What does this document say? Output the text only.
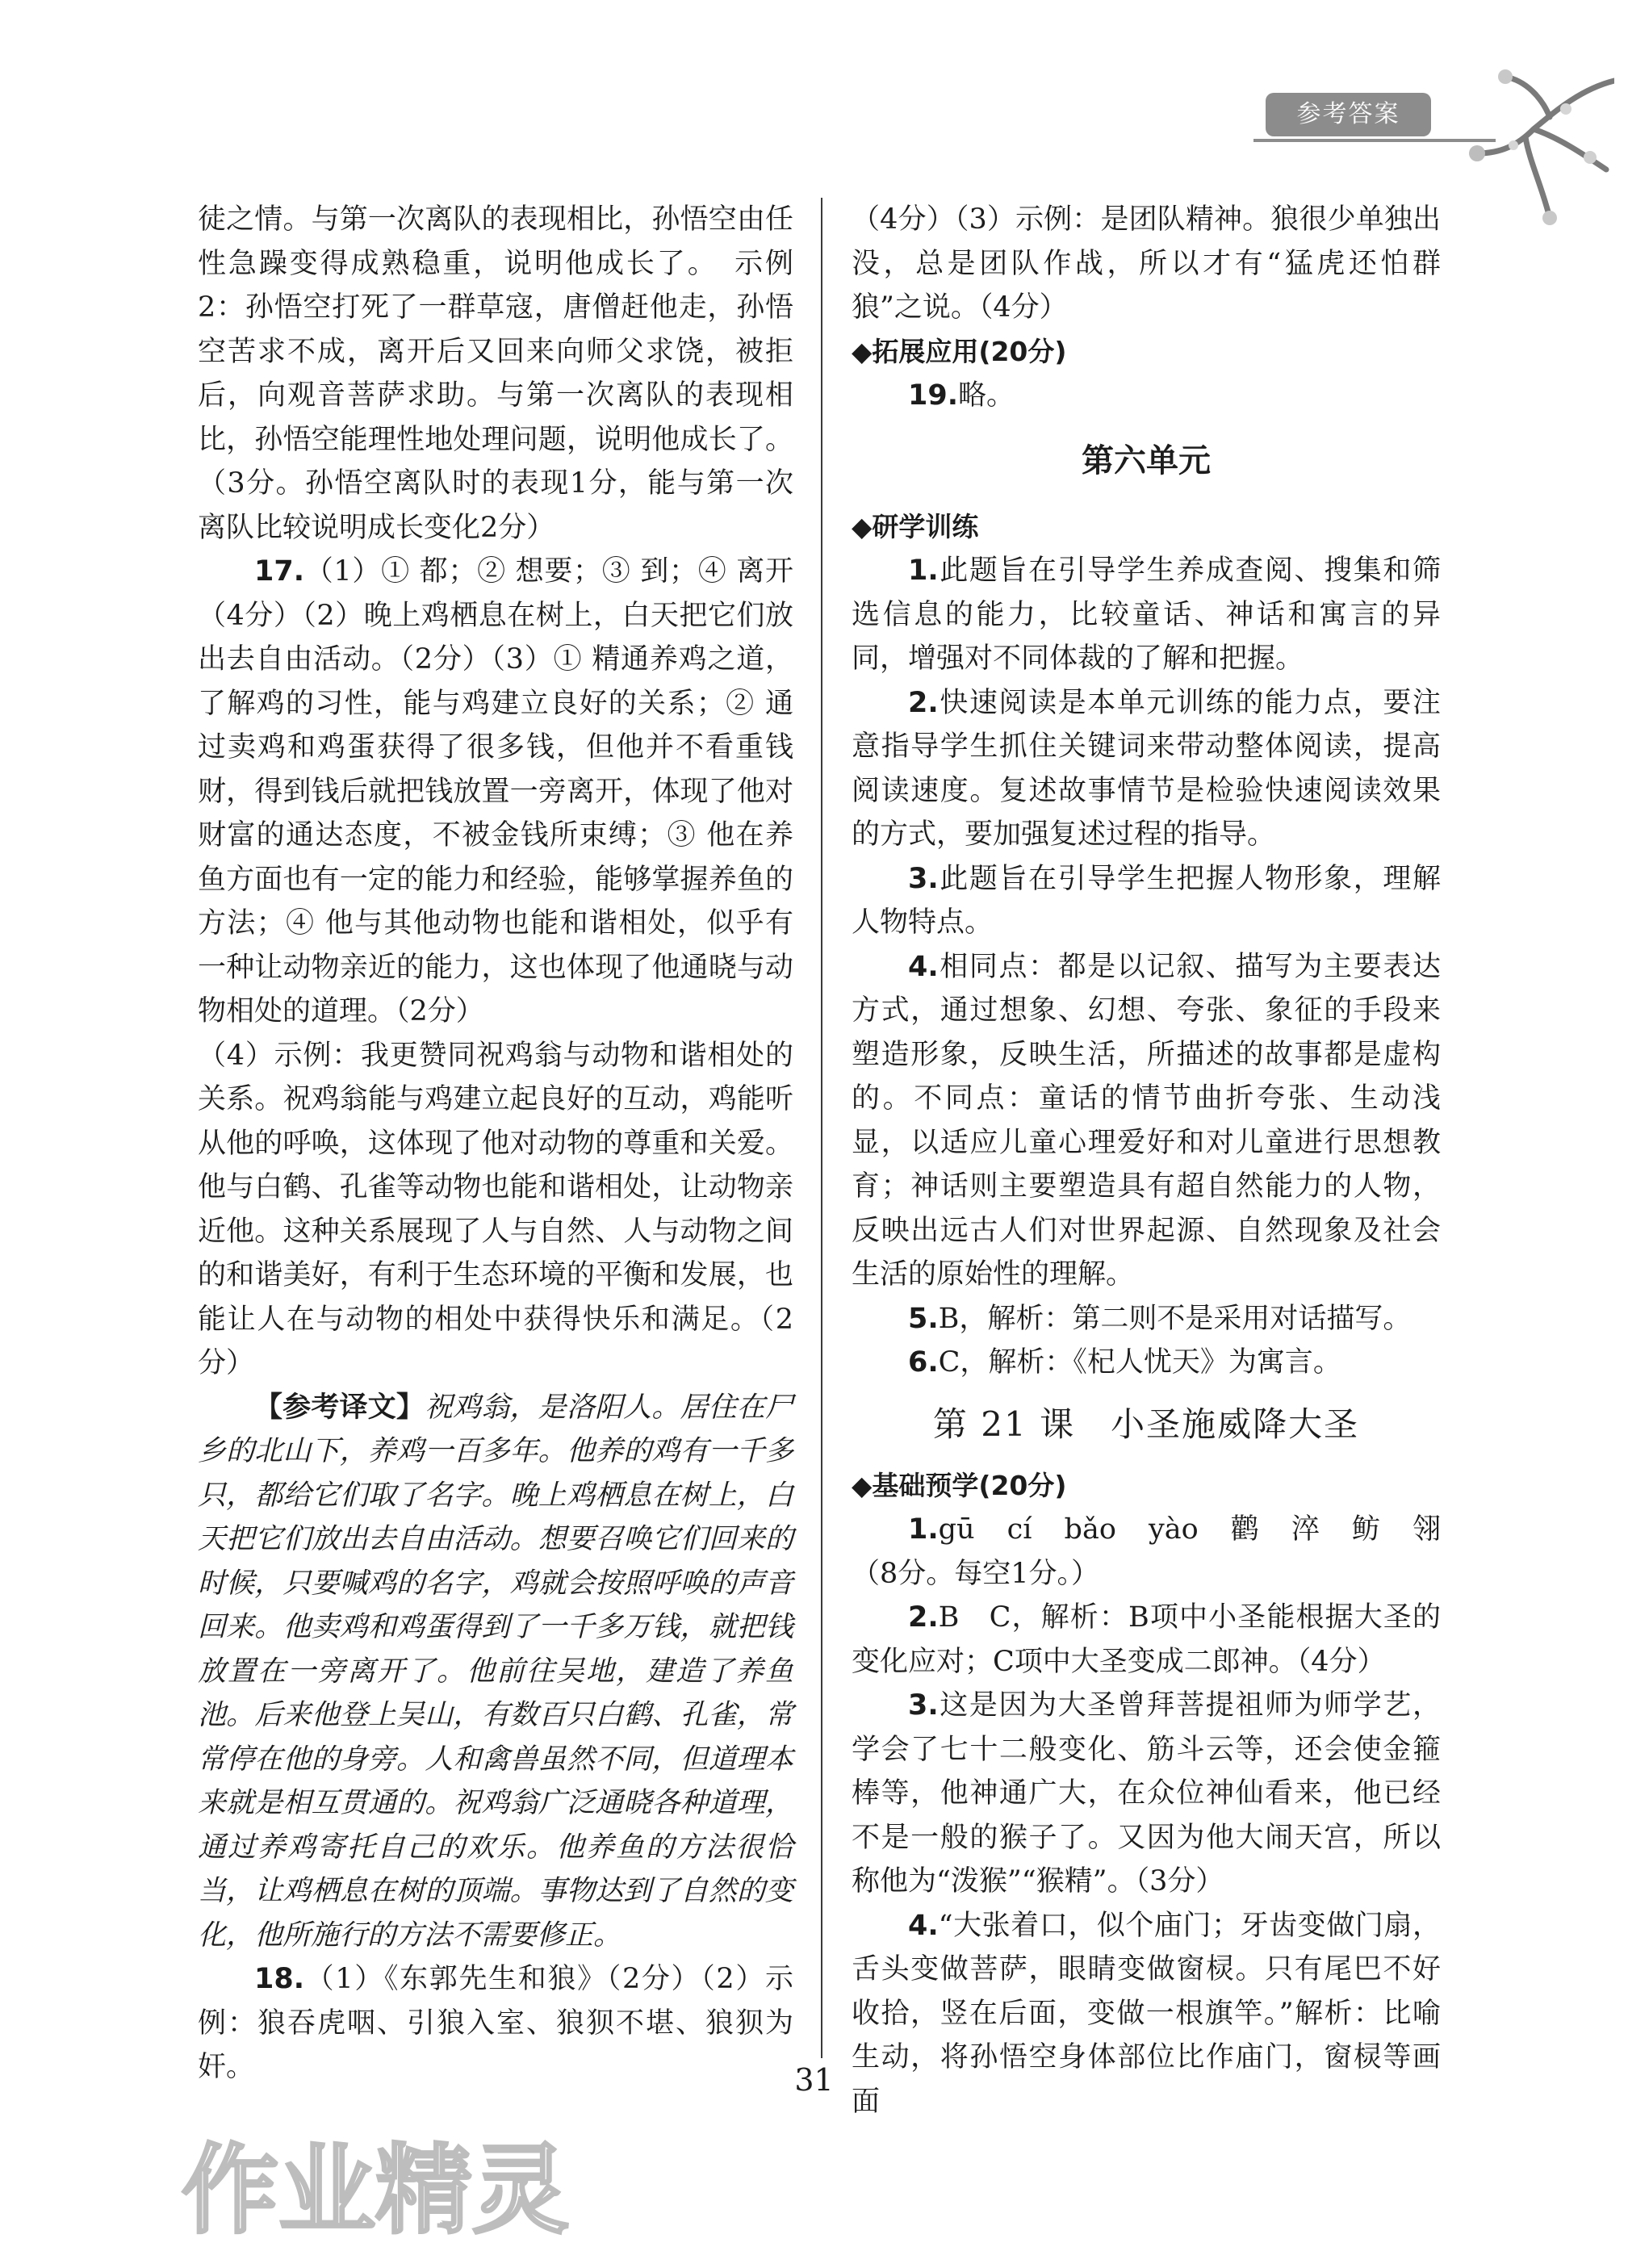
参考答案

徒之情。与第一次离队的表现相比，孙悟空由任性急躁变得成熟稳重，说明他成长了。　示例2：孙悟空打死了一群草寇，唐僧赶他走，孙悟空苦求不成，离开后又回来向师父求饶，被拒后，向观音菩萨求助。与第一次离队的表现相比，孙悟空能理性地处理问题，说明他成长了。（3分。孙悟空离队时的表现1分，能与第一次离队比较说明成长变化2分）

17.（1）① 都；② 想要；③ 到；④ 离开（4分）（2）晚上鸡栖息在树上，白天把它们放出去自由活动。（2分）（3）① 精通养鸡之道，了解鸡的习性，能与鸡建立良好的关系；② 通过卖鸡和鸡蛋获得了很多钱，但他并不看重钱财，得到钱后就把钱放置一旁离开，体现了他对财富的通达态度，不被金钱所束缚；③ 他在养鱼方面也有一定的能力和经验，能够掌握养鱼的方法；④ 他与其他动物也能和谐相处，似乎有一种让动物亲近的能力，这也体现了他通晓与动物相处的道理。（2分）

（4）示例：我更赞同祝鸡翁与动物和谐相处的关系。祝鸡翁能与鸡建立起良好的互动，鸡能听从他的呼唤，这体现了他对动物的尊重和关爱。他与白鹤、孔雀等动物也能和谐相处，让动物亲近他。这种关系展现了人与自然、人与动物之间的和谐美好，有利于生态环境的平衡和发展，也能让人在与动物的相处中获得快乐和满足。（2分）

【参考译文】祝鸡翁，是洛阳人。居住在尸乡的北山下，养鸡一百多年。他养的鸡有一千多只，都给它们取了名字。晚上鸡栖息在树上，白天把它们放出去自由活动。想要召唤它们回来的时候，只要喊鸡的名字，鸡就会按照呼唤的声音回来。他卖鸡和鸡蛋得到了一千多万钱，就把钱放置在一旁离开了。他前往吴地，建造了养鱼池。后来他登上吴山，有数百只白鹤、孔雀，常常停在他的身旁。人和禽兽虽然不同，但道理本来就是相互贯通的。祝鸡翁广泛通晓各种道理，通过养鸡寄托自己的欢乐。他养鱼的方法很恰当，让鸡栖息在树的顶端。事物达到了自然的变化，他所施行的方法不需要修正。

18.（1）《东郭先生和狼》（2分）（2）示例：狼吞虎咽、引狼入室、狼狈不堪、狼狈为奸。

（4分）（3）示例：是团队精神。狼很少单独出没，总是团队作战，所以才有“猛虎还怕群狼”之说。（4分）

◆拓展应用(20分)

19.略。

第六单元

◆研学训练

1.此题旨在引导学生养成查阅、搜集和筛选信息的能力，比较童话、神话和寓言的异同，增强对不同体裁的了解和把握。

2.快速阅读是本单元训练的能力点，要注意指导学生抓住关键词来带动整体阅读，提高阅读速度。复述故事情节是检验快速阅读效果的方式，要加强复述过程的指导。

3.此题旨在引导学生把握人物形象，理解人物特点。

4.相同点：都是以记叙、描写为主要表达方式，通过想象、幻想、夸张、象征的手段来塑造形象，反映生活，所描述的故事都是虚构的。不同点：童话的情节曲折夸张、生动浅显，以适应儿童心理爱好和对儿童进行思想教育；神话则主要塑造具有超自然能力的人物，反映出远古人们对世界起源、自然现象及社会生活的原始性的理解。

5.B，解析：第二则不是采用对话描写。

6.C，解析：《杞人忧天》为寓言。

第 21 课　小圣施威降大圣

◆基础预学(20分)

1.gū　cí　bǎo　yào　鹳　淬　鲂　翎（8分。每空1分。）

2.B　C，解析：B项中小圣能根据大圣的变化应对；C项中大圣变成二郎神。（4分）

3.这是因为大圣曾拜菩提祖师为师学艺，学会了七十二般变化、筋斗云等，还会使金箍棒等，他神通广大，在众位神仙看来，他已经不是一般的猴子了。又因为他大闹天宫，所以称他为“泼猴”“猴精”。（3分）

4.“大张着口，似个庙门；牙齿变做门扇，舌头变做菩萨，眼睛变做窗棂。只有尾巴不好收拾，竖在后面，变做一根旗竿。”解析：比喻生动，将孙悟空身体部位比作庙门，窗棂等画面

31
作业精灵
